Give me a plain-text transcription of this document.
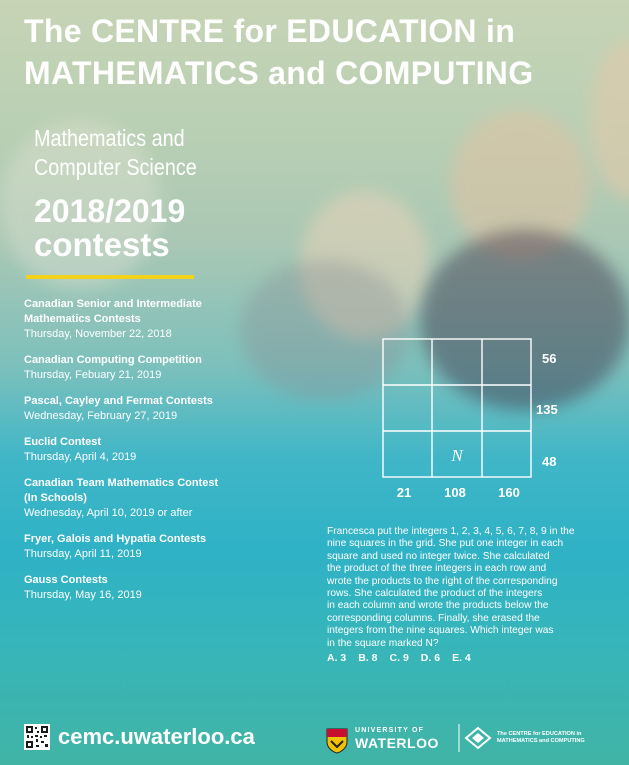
The CENTRE for EDUCATION in
MATHEMATICS and COMPUTING
Mathematics and
Computer Science
2018/2019
contests
Canadian Senior and Intermediate
Mathematics Contests
Thursday, November 22, 2018
Canadian Computing Competition
Thursday, Febuary 21, 2019
Pascal, Cayley and Fermat Contests
Wednesday, February 27, 2019
Euclid Contest
Thursday, April 4, 2019
Canadian Team Mathematics Contest
(In Schools)
Wednesday, April 10, 2019 or after
Fryer, Galois and Hypatia Contests
Thursday, April 11, 2019
Gauss Contests
Thursday, May 16, 2019
N
56
135
48
21	108 160
Francesca put the integers 1, 2, 3, 4, 5, 6, 7, 8, 9 in the
nine squares in the grid. She put one integer in each
square and used no integer twice. She calculated
the product of the three integers in each row and
wrote the products to the right of the corresponding
rows. She calculated the product of the integers
in each column and wrote the products below the
corresponding columns. Finally, she erased the
integers from the nine squares. Which integer was
in the square marked N?
A. 3 B. 8 C. 9 D. 6 E. 4
cemc.uwaterloo.ca	UNIVERSITY OF
WATERLOO
The CENTRE for EDUCATION in
MATHEMATICS and COMPUTING
